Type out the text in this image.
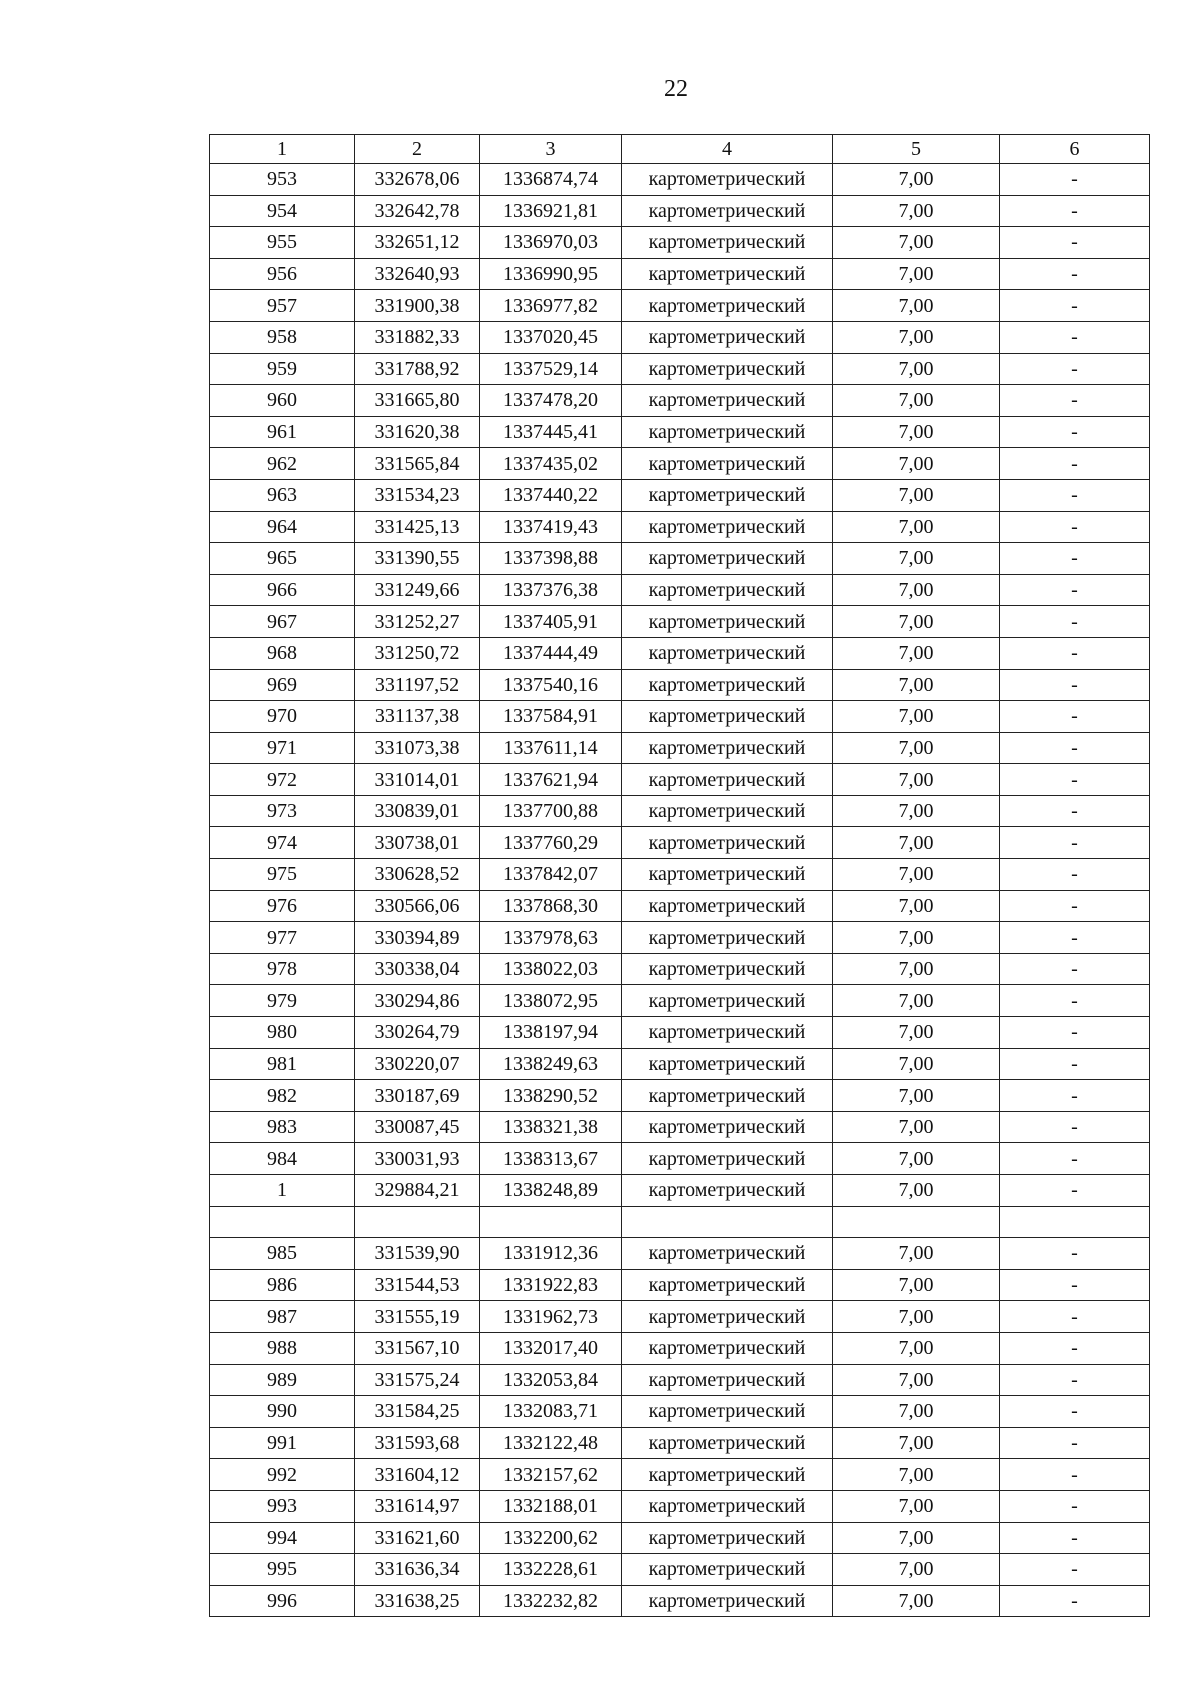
22
1	2	3	4	5	6
953	332678,06	1336874,74	картометрический	7,00	-
954	332642,78	1336921,81	картометрический	7,00	-
955	332651,12	1336970,03	картометрический	7,00	-
956	332640,93	1336990,95	картометрический	7,00	-
957	331900,38	1336977,82	картометрический	7,00	-
958	331882,33	1337020,45	картометрический	7,00	-
959	331788,92	1337529,14	картометрический	7,00	-
960	331665,80	1337478,20	картометрический	7,00	-
961	331620,38	1337445,41	картометрический	7,00	-
962	331565,84	1337435,02	картометрический	7,00	-
963	331534,23	1337440,22	картометрический	7,00	-
964	331425,13	1337419,43	картометрический	7,00	-
965	331390,55	1337398,88	картометрический	7,00	-
966	331249,66	1337376,38	картометрический	7,00	-
967	331252,27	1337405,91	картометрический	7,00	-
968	331250,72	1337444,49	картометрический	7,00	-
969	331197,52	1337540,16	картометрический	7,00	-
970	331137,38	1337584,91	картометрический	7,00	-
971	331073,38	1337611,14	картометрический	7,00	-
972	331014,01	1337621,94	картометрический	7,00	-
973	330839,01	1337700,88	картометрический	7,00	-
974	330738,01	1337760,29	картометрический	7,00	-
975	330628,52	1337842,07	картометрический	7,00	-
976	330566,06	1337868,30	картометрический	7,00	-
977	330394,89	1337978,63	картометрический	7,00	-
978	330338,04	1338022,03	картометрический	7,00	-
979	330294,86	1338072,95	картометрический	7,00	-
980	330264,79	1338197,94	картометрический	7,00	-
981	330220,07	1338249,63	картометрический	7,00	-
982	330187,69	1338290,52	картометрический	7,00	-
983	330087,45	1338321,38	картометрический	7,00	-
984	330031,93	1338313,67	картометрический	7,00	-
1	329884,21	1338248,89	картометрический	7,00	-

985	331539,90	1331912,36	картометрический	7,00	-
986	331544,53	1331922,83	картометрический	7,00	-
987	331555,19	1331962,73	картометрический	7,00	-
988	331567,10	1332017,40	картометрический	7,00	-
989	331575,24	1332053,84	картометрический	7,00	-
990	331584,25	1332083,71	картометрический	7,00	-
991	331593,68	1332122,48	картометрический	7,00	-
992	331604,12	1332157,62	картометрический	7,00	-
993	331614,97	1332188,01	картометрический	7,00	-
994	331621,60	1332200,62	картометрический	7,00	-
995	331636,34	1332228,61	картометрический	7,00	-
996	331638,25	1332232,82	картометрический	7,00	-
